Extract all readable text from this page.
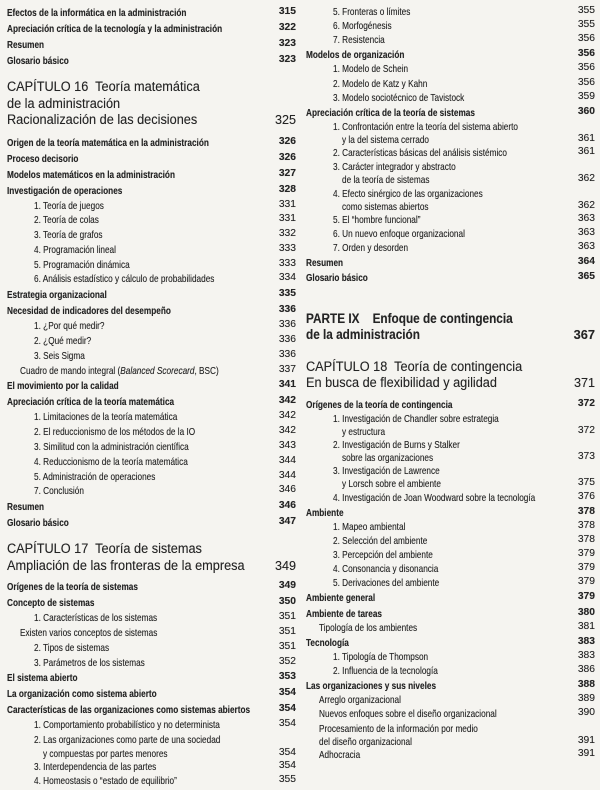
Efectos de la informática en la administración	315
Apreciación crítica de la tecnología y la administración	322
Resumen	323
Glosario básico	323
CAPÍTULO 16  Teoría matemática
de la administración
Racionalización de las decisiones	325
Origen de la teoría matemática en la administración	326
Proceso decisorio	326
Modelos matemáticos en la administración	327
Investigación de operaciones	328
1. Teoría de juegos	331
2. Teoría de colas	331
3. Teoría de grafos	332
4. Programación lineal	333
5. Programación dinámica	333
6. Análisis estadístico y cálculo de probabilidades	334
Estrategia organizacional	335
Necesidad de indicadores del desempeño	336
1. ¿Por qué medir?	336
2. ¿Qué medir?	336
3. Seis Sigma	336
Cuadro de mando integral (Balanced Scorecard, BSC)	337
El movimiento por la calidad	341
Apreciación crítica de la teoría matemática	342
1. Limitaciones de la teoría matemática	342
2. El reduccionismo de los métodos de la IO	342
3. Similitud con la administración científica	343
4. Reduccionismo de la teoría matemática	344
5. Administración de operaciones	344
7. Conclusión	346
Resumen	346
Glosario básico	347
CAPÍTULO 17  Teoría de sistemas
Ampliación de las fronteras de la empresa 349
Orígenes de la teoría de sistemas	349
Concepto de sistemas	350
1. Características de los sistemas	351
Existen varios conceptos de sistemas	351
2. Tipos de sistemas	351
3. Parámetros de los sistemas	352
El sistema abierto	353
La organización como sistema abierto	354
Características de las organizaciones como sistemas abiertos	354
1. Comportamiento probabilístico y no determinista	354
2. Las organizaciones como parte de una sociedad
y compuestas por partes menores	354
3. Interdependencia de las partes	354
4. Homeostasis o “estado de equilibrio”	355
5. Fronteras o límites	355
6. Morfogénesis	355
7. Resistencia	356
Modelos de organización	356
1. Modelo de Schein	356
2. Modelo de Katz y Kahn	356
3. Modelo sociotécnico de Tavistock	359
Apreciación crítica de la teoría de sistemas	360
1. Confrontación entre la teoría del sistema abierto
y la del sistema cerrado	361
2. Características básicas del análisis sistémico	361
3. Carácter integrador y abstracto
de la teoría de sistemas	362
4. Efecto sinérgico de las organizaciones
como sistemas abiertos	362
5. El “hombre funcional”	363
6. Un nuevo enfoque organizacional	363
7. Orden y desorden	363
Resumen	364
Glosario básico	365
PARTE IX    Enfoque de contingencia
de la administración	367
CAPÍTULO 18  Teoría de contingencia
En busca de flexibilidad y agilidad	371
Orígenes de la teoría de contingencia	372
1. Investigación de Chandler sobre estrategia
y estructura	372
2. Investigación de Burns y Stalker
sobre las organizaciones	373
3. Investigación de Lawrence
y Lorsch sobre el ambiente	375
4. Investigación de Joan Woodward sobre la tecnología	376
Ambiente	378
1. Mapeo ambiental	378
2. Selección del ambiente	378
3. Percepción del ambiente	379
4. Consonancia y disonancia	379
5. Derivaciones del ambiente	379
Ambiente general	379
Ambiente de tareas	380
Tipología de los ambientes	381
Tecnología	383
1. Tipología de Thompson	383
2. Influencia de la tecnología	386
Las organizaciones y sus niveles	388
Arreglo organizacional	389
Nuevos enfoques sobre el diseño organizacional	390
Procesamiento de la información por medio
del diseño organizacional	391
Adhocracia	391
